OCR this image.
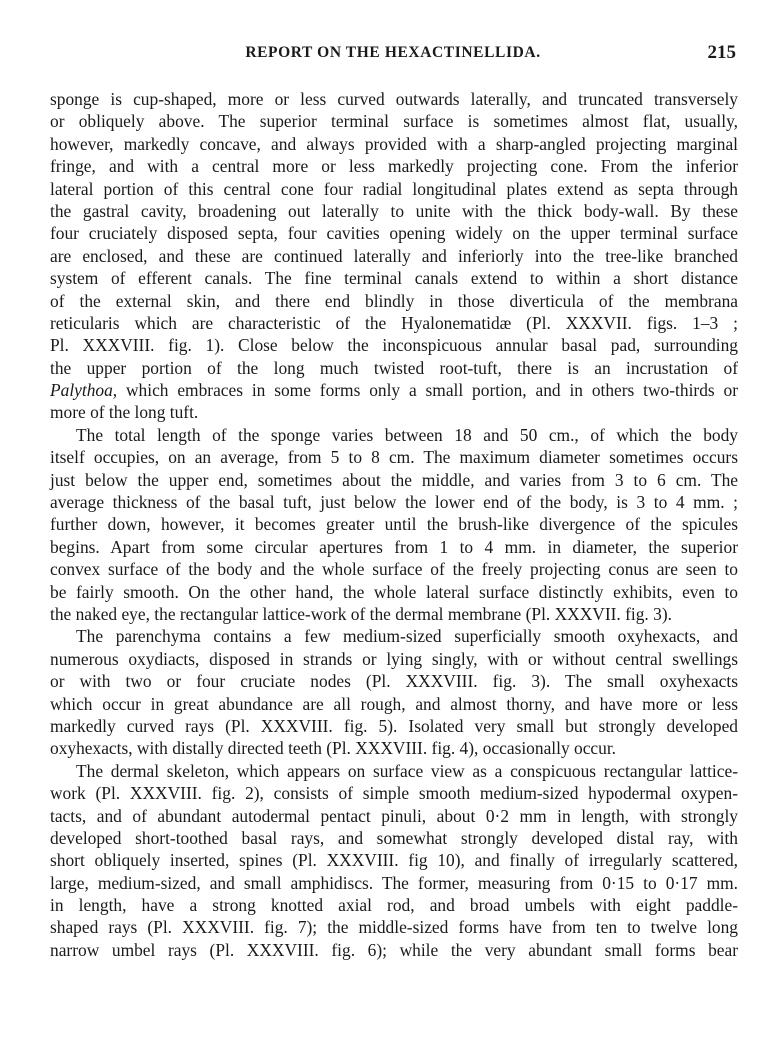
REPORT ON THE HEXACTINELLIDA.	215
sponge is cup-shaped, more or less curved outwards laterally, and truncated transversely
or obliquely above. The superior terminal surface is sometimes almost flat, usually,
however, markedly concave, and always provided with a sharp-angled projecting marginal
fringe, and with a central more or less markedly projecting cone. From the inferior
lateral portion of this central cone four radial longitudinal plates extend as septa through
the gastral cavity, broadening out laterally to unite with the thick body-wall. By these
four cruciately disposed septa, four cavities opening widely on the upper terminal surface
are enclosed, and these are continued laterally and inferiorly into the tree-like branched
system of efferent canals. The fine terminal canals extend to within a short distance
of the external skin, and there end blindly in those diverticula of the membrana
reticularis which are characteristic of the Hyalonematidæ (Pl. XXXVII. figs. 1–3 ;
Pl. XXXVIII. fig. 1). Close below the inconspicuous annular basal pad, surrounding
the upper portion of the long much twisted root-tuft, there is an incrustation of
Palythoa, which embraces in some forms only a small portion, and in others two-thirds or
more of the long tuft.
The total length of the sponge varies between 18 and 50 cm., of which the body
itself occupies, on an average, from 5 to 8 cm. The maximum diameter sometimes occurs
just below the upper end, sometimes about the middle, and varies from 3 to 6 cm. The
average thickness of the basal tuft, just below the lower end of the body, is 3 to 4 mm. ;
further down, however, it becomes greater until the brush-like divergence of the spicules
begins. Apart from some circular apertures from 1 to 4 mm. in diameter, the superior
convex surface of the body and the whole surface of the freely projecting conus are seen to
be fairly smooth. On the other hand, the whole lateral surface distinctly exhibits, even to
the naked eye, the rectangular lattice-work of the dermal membrane (Pl. XXXVII. fig. 3).
The parenchyma contains a few medium-sized superficially smooth oxyhexacts, and
numerous oxydiacts, disposed in strands or lying singly, with or without central swellings
or with two or four cruciate nodes (Pl. XXXVIII. fig. 3). The small oxyhexacts
which occur in great abundance are all rough, and almost thorny, and have more or less
markedly curved rays (Pl. XXXVIII. fig. 5). Isolated very small but strongly developed
oxyhexacts, with distally directed teeth (Pl. XXXVIII. fig. 4), occasionally occur.
The dermal skeleton, which appears on surface view as a conspicuous rectangular lattice-
work (Pl. XXXVIII. fig. 2), consists of simple smooth medium-sized hypodermal oxypen-
tacts, and of abundant autodermal pentact pinuli, about 0·2 mm in length, with strongly
developed short-toothed basal rays, and somewhat strongly developed distal ray, with
short obliquely inserted, spines (Pl. XXXVIII. fig 10), and finally of irregularly scattered,
large, medium-sized, and small amphidiscs. The former, measuring from 0·15 to 0·17 mm.
in length, have a strong knotted axial rod, and broad umbels with eight paddle-
shaped rays (Pl. XXXVIII. fig. 7); the middle-sized forms have from ten to twelve long
narrow umbel rays (Pl. XXXVIII. fig. 6); while the very abundant small forms bear
